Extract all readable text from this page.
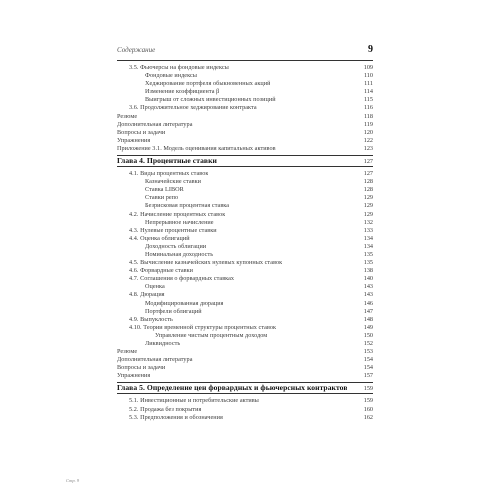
Содержание	9
3.5. Фьючерсы на фондовые индексы	109
Фондовые индексы	110
Хеджирование портфеля обыкновенных акций	111
Изменение коэффициента β	114
Выигрыш от сложных инвестиционных позиций	115
3.6. Продолжительное хеджирование контракта	116
Резюме	118
Дополнительная литература	119
Вопросы и задачи	120
Упражнения	122
Приложение 3.1. Модель оценивания капитальных активов	123
Глава 4. Процентные ставки	127
4.1. Виды процентных ставок	127
Казначейские ставки	128
Ставка LIBOR	128
Ставки репо	129
Безрисковая процентная ставка	129
4.2. Начисление процентных ставок	129
Непрерывное начисление	132
4.3. Нулевые процентные ставки	133
4.4. Оценка облигаций	134
Доходность облигации	134
Номинальная доходность	135
4.5. Вычисление казначейских нулевых купонных ставок	135
4.6. Форвардные ставки	138
4.7. Соглашения о форвардных ставках	140
Оценка	143
4.8. Дюрация	143
Модифицированная дюрация	146
Портфели облигаций	147
4.9. Выпуклость	148
4.10. Теории временной структуры процентных ставок	149
Управление чистым процентным доходом	150
Ликвидность	152
Резюме	153
Дополнительная литература	154
Вопросы и задачи	154
Упражнения	157
Глава 5. Определение цен форвардных и фьючерсных контрактов	159
5.1. Инвестиционные и потребительские активы	159
5.2. Продажа без покрытия	160
5.3. Предположения и обозначения	162
Стр. 9
